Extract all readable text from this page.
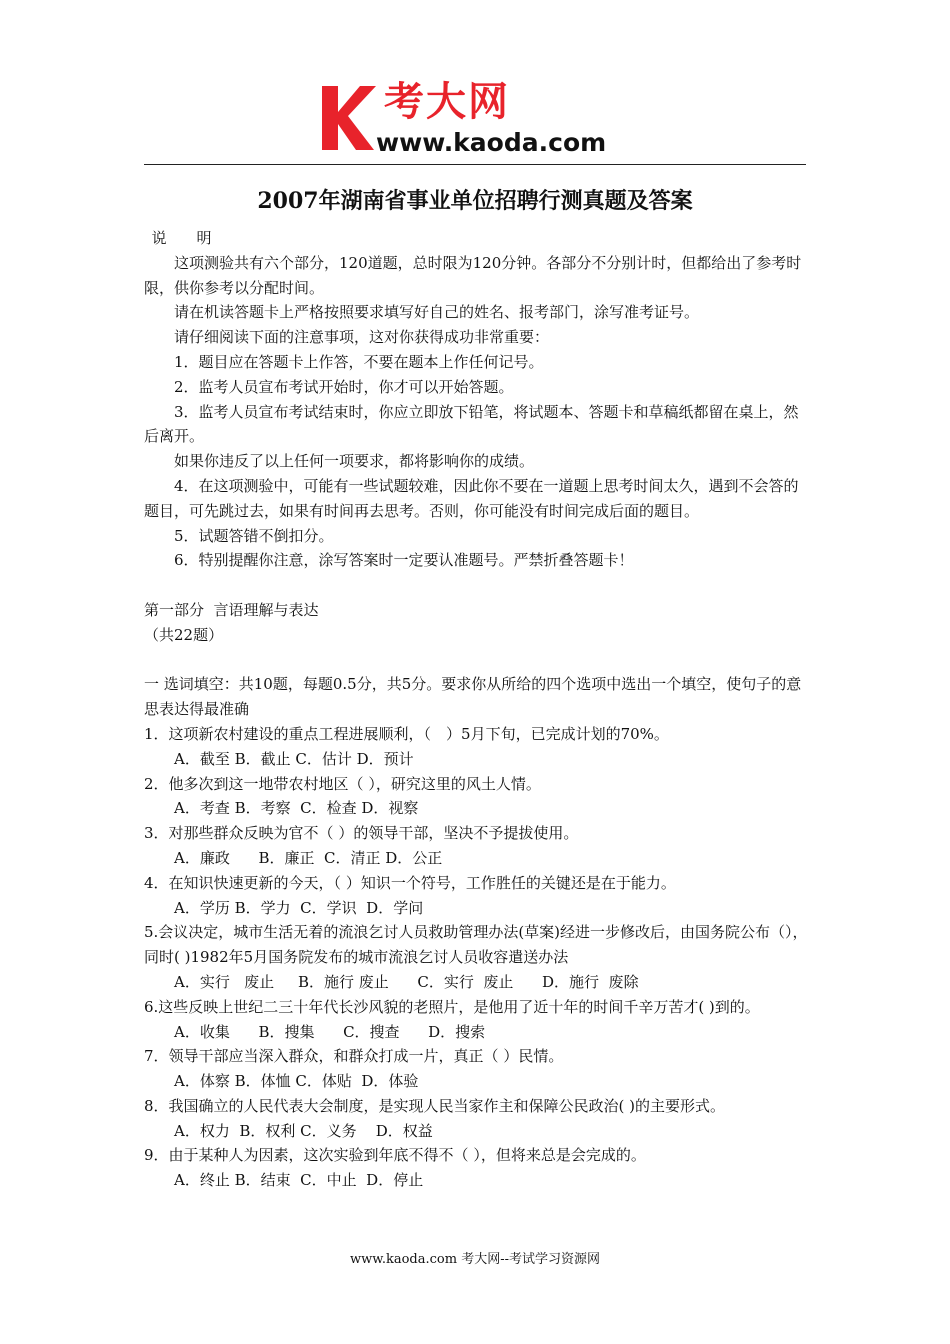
考大网
www.kaoda.com
2007年湖南省事业单位招聘行测真题及答案

说　　明

这项测验共有六个部分，120道题，总时限为120分钟。各部分不分别计时，但都给出了参考时限，供你参考以分配时间。

请在机读答题卡上严格按照要求填写好自己的姓名、报考部门，涂写准考证号。

请仔细阅读下面的注意事项，这对你获得成功非常重要：

1．题目应在答题卡上作答，不要在题本上作任何记号。

2．监考人员宣布考试开始时，你才可以开始答题。

3．监考人员宣布考试结束时，你应立即放下铅笔，将试题本、答题卡和草稿纸都留在桌上，然后离开。

如果你违反了以上任何一项要求，都将影响你的成绩。

4．在这项测验中，可能有一些试题较难，因此你不要在一道题上思考时间太久，遇到不会答的题目，可先跳过去，如果有时间再去思考。否则，你可能没有时间完成后面的题目。

5．试题答错不倒扣分。

6．特别提醒你注意，涂写答案时一定要认准题号。严禁折叠答题卡！

第一部分  言语理解与表达

（共22题）

一 选词填空：共10题，每题0.5分，共5分。要求你从所给的四个选项中选出一个填空，使句子的意思表达得最准确

1．这项新农村建设的重点工程进展顺利，（　）5月下旬，已完成计划的70%。

A．截至 B．截止 C．估计 D．预计

2．他多次到这一地带农村地区（ ），研究这里的风土人情。

A．考查 B．考察  C．检查 D．视察

3．对那些群众反映为官不（ ）的领导干部，坚决不予提拔使用。

A．廉政      B．廉正  C．清正 D．公正

4．在知识快速更新的今天，（ ）知识一个符号，工作胜任的关键还是在于能力。

A．学历 B．学力  C．学识  D．学问

5.会议决定，城市生活无着的流浪乞讨人员救助管理办法(草案)经进一步修改后，由国务院公布（），同时( )1982年5月国务院发布的城市流浪乞讨人员收容遣送办法

A．实行   废止     B．施行 废止      C．实行  废止      D．施行  废除

6.这些反映上世纪二三十年代长沙风貌的老照片，是他用了近十年的时间千辛万苦才( )到的。

A．收集      B．搜集      C．搜查      D．搜索

7．领导干部应当深入群众，和群众打成一片，真正（ ）民情。

A．体察 B．体恤 C．体贴  D．体验

8．我国确立的人民代表大会制度，是实现人民当家作主和保障公民政治( )的主要形式。

A．权力  B．权利 C．义务    D．权益

9．由于某种人为因素，这次实验到年底不得不（ ），但将来总是会完成的。

A．终止 B．结束  C．中止  D．停止

www.kaoda.com 考大网--考试学习资源网
